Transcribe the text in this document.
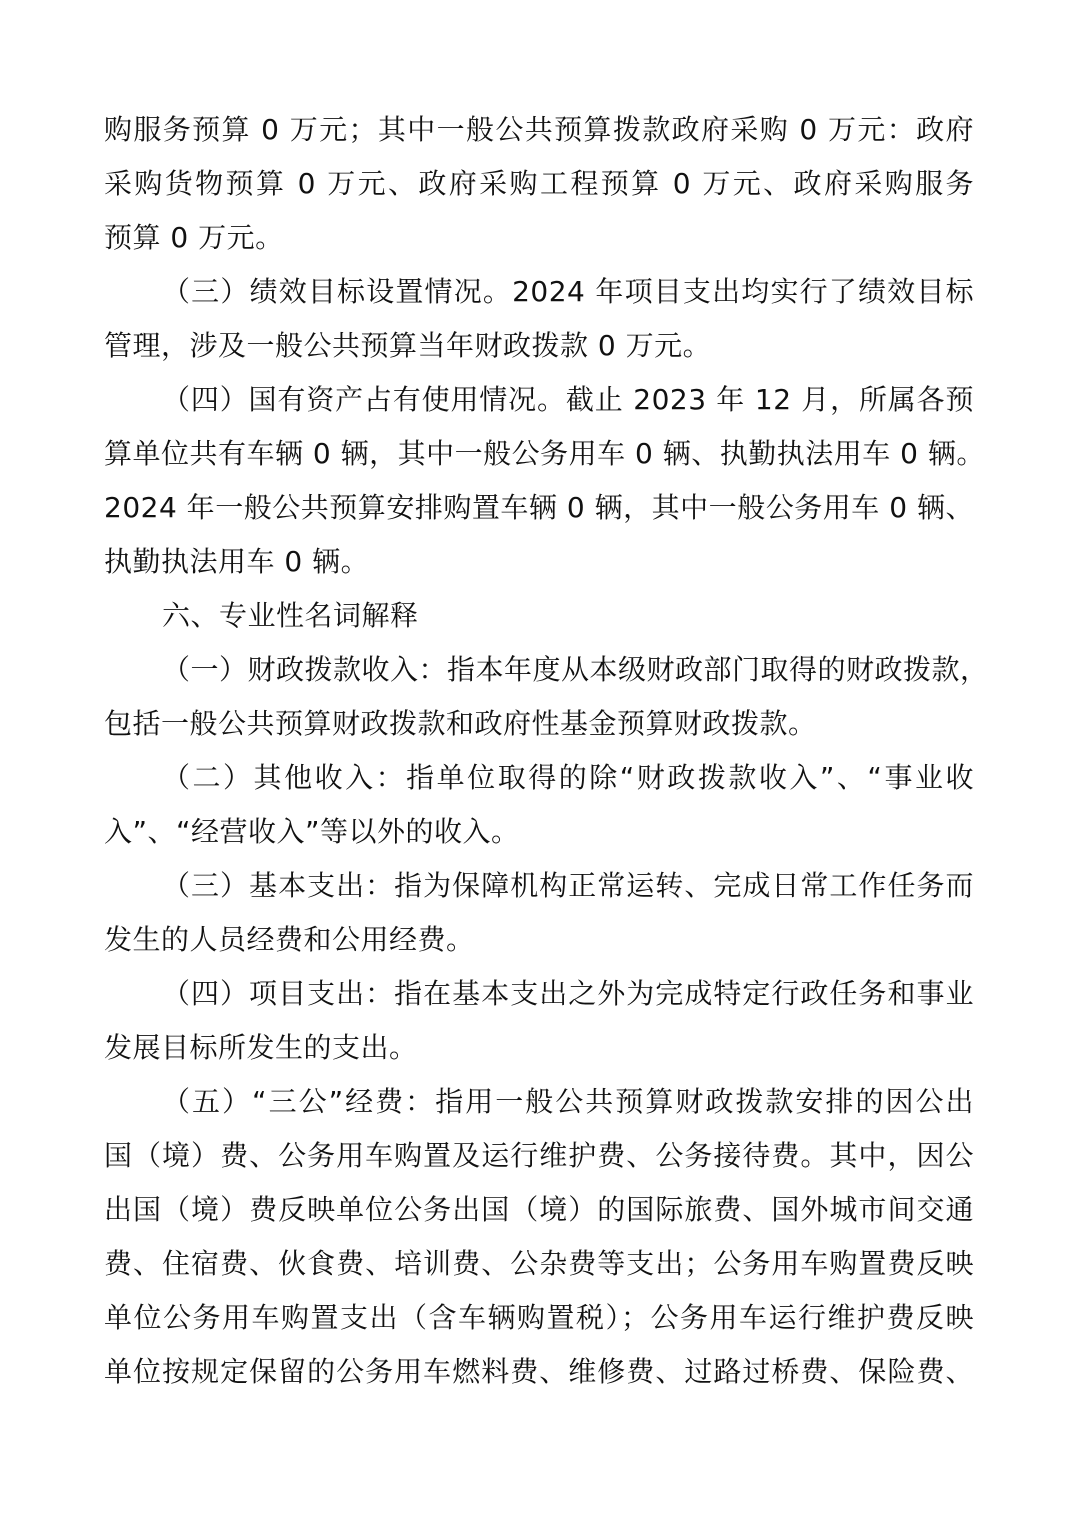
购服务预算 0 万元；其中一般公共预算拨款政府采购 0 万元：政府
采购货物预算 0 万元、政府采购工程预算 0 万元、政府采购服务
预算 0 万元。
（三）绩效目标设置情况。2024 年项目支出均实行了绩效目标
管理，涉及一般公共预算当年财政拨款 0 万元。
（四）国有资产占有使用情况。截止 2023 年 12 月，所属各预
算单位共有车辆 0 辆，其中一般公务用车 0 辆、执勤执法用车 0 辆。
2024 年一般公共预算安排购置车辆 0 辆，其中一般公务用车 0 辆、
执勤执法用车 0 辆。
六、专业性名词解释
（一）财政拨款收入：指本年度从本级财政部门取得的财政拨款，
包括一般公共预算财政拨款和政府性基金预算财政拨款。
（二）其他收入：指单位取得的除“财政拨款收入”、“事业收
入”、“经营收入”等以外的收入。
（三）基本支出：指为保障机构正常运转、完成日常工作任务而
发生的人员经费和公用经费。
（四）项目支出：指在基本支出之外为完成特定行政任务和事业
发展目标所发生的支出。
（五）“三公”经费：指用一般公共预算财政拨款安排的因公出
国（境）费、公务用车购置及运行维护费、公务接待费。其中，因公
出国（境）费反映单位公务出国（境）的国际旅费、国外城市间交通
费、住宿费、伙食费、培训费、公杂费等支出；公务用车购置费反映
单位公务用车购置支出（含车辆购置税）；公务用车运行维护费反映
单位按规定保留的公务用车燃料费、维修费、过路过桥费、保险费、
